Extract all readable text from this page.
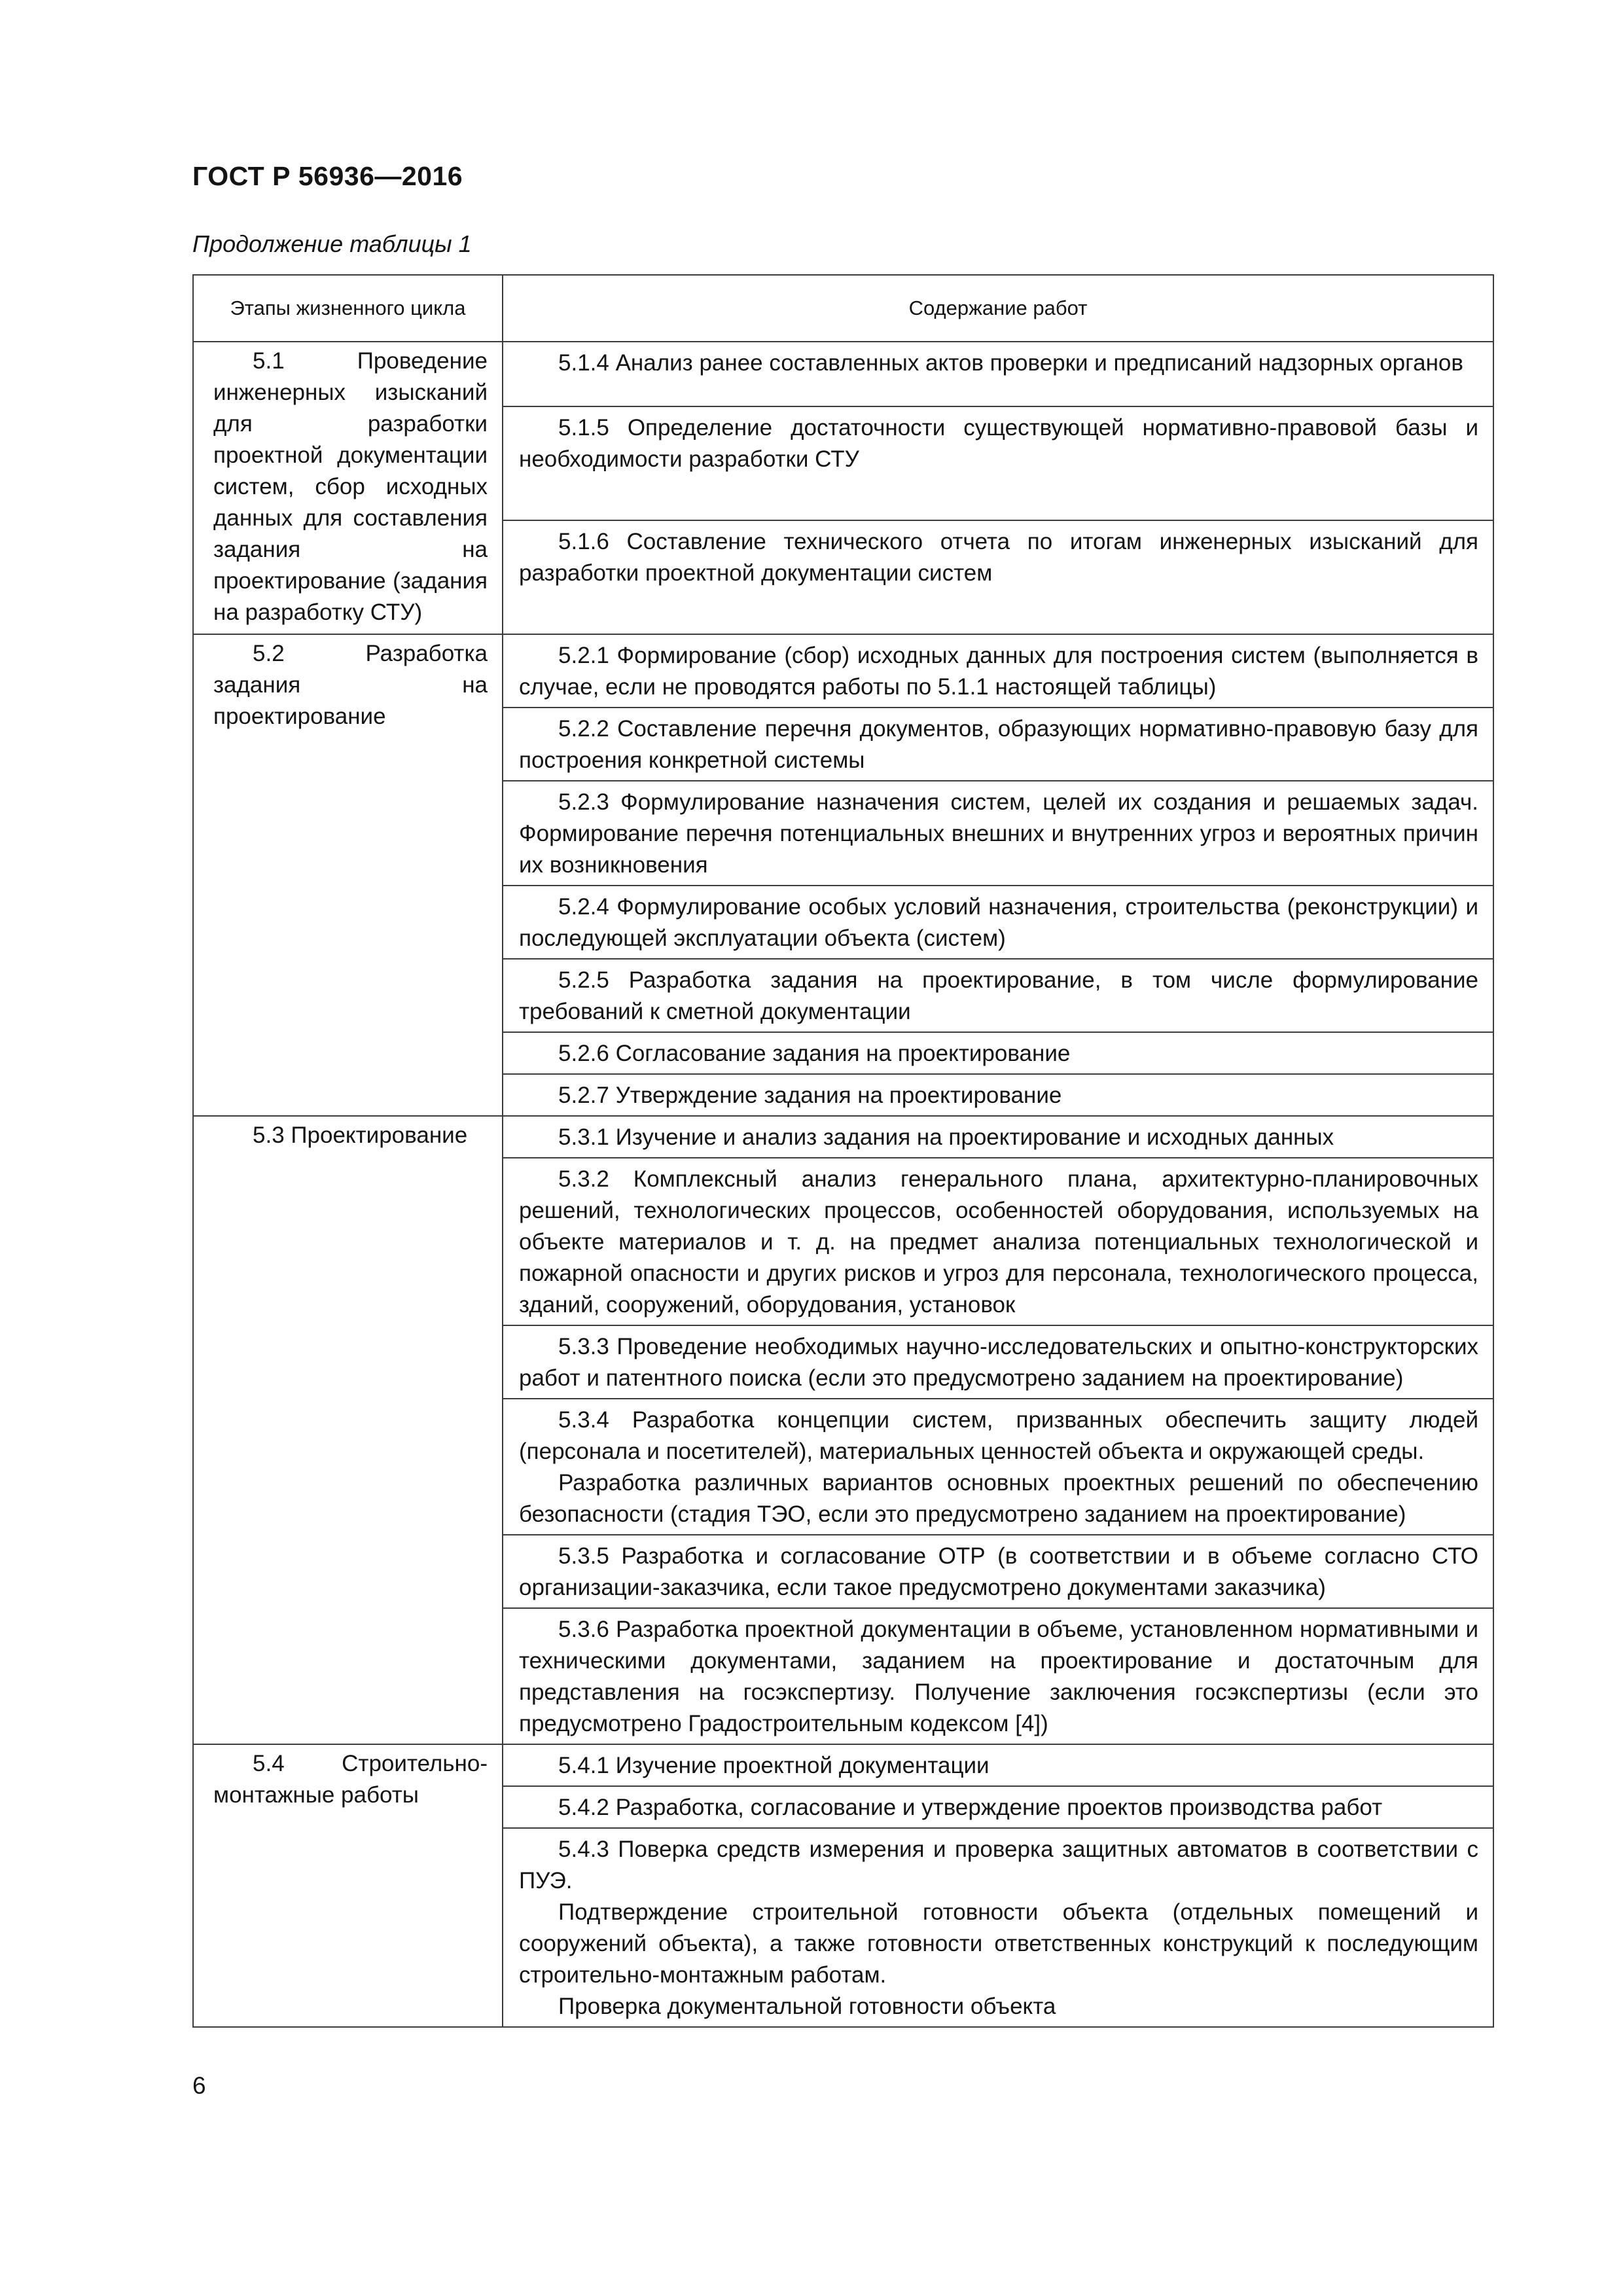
ГОСТ Р 56936—2016
Продолжение таблицы 1
Этапы жизненного цикла	Содержание работ

5.1 Проведение инженерных изысканий для разработки проектной документации систем, сбор исходных данных для составления задания на проектирование (задания на разработку СТУ)	5.1.4 Анализ ранее составленных актов проверки и предписаний надзорных органов

	5.1.5 Определение достаточности существующей нормативно-правовой базы и необходимости разработки СТУ

	5.1.6 Составление технического отчета по итогам инженерных изысканий для разработки проектной документации систем

5.2 Разработка задания на проектирование	5.2.1 Формирование (сбор) исходных данных для построения систем (выполняется в случае, если не проводятся работы по 5.1.1 настоящей таблицы)

	5.2.2 Составление перечня документов, образующих нормативно-правовую базу для построения конкретной системы

	5.2.3 Формулирование назначения систем, целей их создания и решаемых задач. Формирование перечня потенциальных внешних и внутренних угроз и вероятных причин их возникновения

	5.2.4 Формулирование особых условий назначения, строительства (реконструкции) и последующей эксплуатации объекта (систем)

	5.2.5 Разработка задания на проектирование, в том числе формулирование требований к сметной документации

	5.2.6 Согласование задания на проектирование

	5.2.7 Утверждение задания на проектирование

5.3 Проектирование	5.3.1 Изучение и анализ задания на проектирование и исходных данных

	5.3.2 Комплексный анализ генерального плана, архитектурно-планировочных решений, технологических процессов, особенностей оборудования, используемых на объекте материалов и т. д. на предмет анализа потенциальных технологической и пожарной опасности и других рисков и угроз для персонала, технологического процесса, зданий, сооружений, оборудования, установок

	5.3.3 Проведение необходимых научно-исследовательских и опытно-конструкторских работ и патентного поиска (если это предусмотрено заданием на проектирование)

	5.3.4 Разработка концепции систем, призванных обеспечить защиту людей (персонала и посетителей), материальных ценностей объекта и окружающей среды.

Разработка различных вариантов основных проектных решений по обеспечению безопасности (стадия ТЭО, если это предусмотрено заданием на проектирование)

	5.3.5 Разработка и согласование ОТР (в соответствии и в объеме согласно СТО организации-заказчика, если такое предусмотрено документами заказчика)

	5.3.6 Разработка проектной документации в объеме, установленном нормативными и техническими документами, заданием на проектирование и достаточным для представления на госэкспертизу. Получение заключения госэкспертизы (если это предусмотрено Градостроительным кодексом [4])

5.4 Строительно-монтажные работы	5.4.1 Изучение проектной документации

	5.4.2 Разработка, согласование и утверждение проектов производства работ

	5.4.3 Поверка средств измерения и проверка защитных автоматов в соответствии с ПУЭ.

Подтверждение строительной готовности объекта (отдельных помещений и сооружений объекта), а также готовности ответственных конструкций к последующим строительно-монтажным работам.

Проверка документальной готовности объекта

6
